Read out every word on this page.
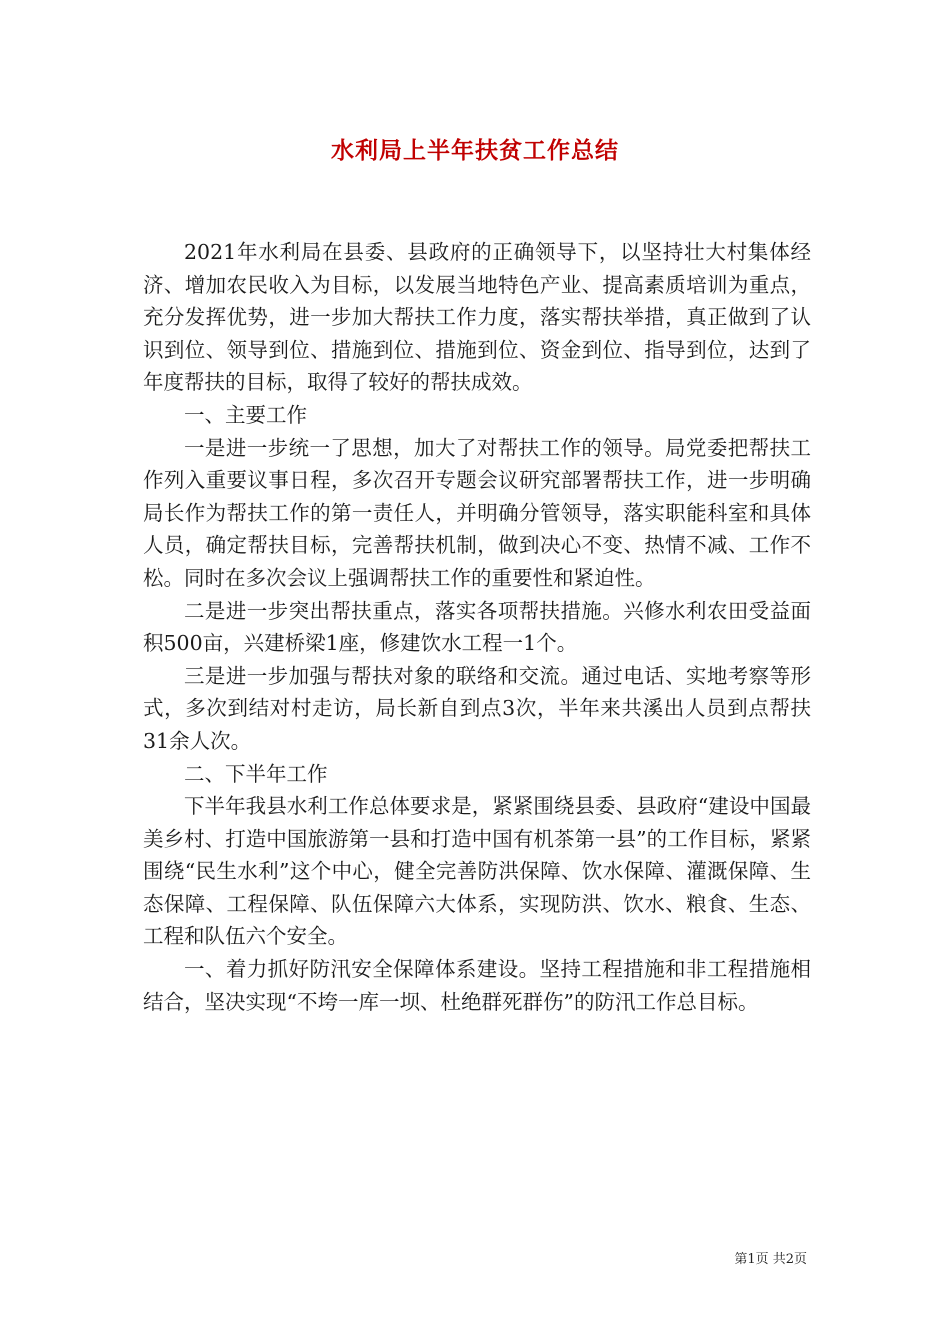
水利局上半年扶贫工作总结

2021年水利局在县委、县政府的正确领导下，以坚持壮大村集体经济、增加农民收入为目标，以发展当地特色产业、提高素质培训为重点，充分发挥优势，进一步加大帮扶工作力度，落实帮扶举措，真正做到了认识到位、领导到位、措施到位、措施到位、资金到位、指导到位，达到了年度帮扶的目标，取得了较好的帮扶成效。

一、主要工作

一是进一步统一了思想，加大了对帮扶工作的领导。局党委把帮扶工作列入重要议事日程，多次召开专题会议研究部署帮扶工作，进一步明确局长作为帮扶工作的第一责任人，并明确分管领导，落实职能科室和具体人员，确定帮扶目标，完善帮扶机制，做到决心不变、热情不减、工作不松。同时在多次会议上强调帮扶工作的重要性和紧迫性。

二是进一步突出帮扶重点，落实各项帮扶措施。兴修水利农田受益面积500亩，兴建桥梁1座，修建饮水工程一1个。

三是进一步加强与帮扶对象的联络和交流。通过电话、实地考察等形式，多次到结对村走访，局长新自到点3次，半年来共溪出人员到点帮扶31余人次。

二、下半年工作

下半年我县水利工作总体要求是，紧紧围绕县委、县政府“建设中国最美乡村、打造中国旅游第一县和打造中国有机茶第一县”的工作目标，紧紧围绕“民生水利”这个中心，健全完善防洪保障、饮水保障、灌溉保障、生态保障、工程保障、队伍保障六大体系，实现防洪、饮水、粮食、生态、工程和队伍六个安全。

一、着力抓好防汛安全保障体系建设。坚持工程措施和非工程措施相结合，坚决实现“不垮一库一坝、杜绝群死群伤”的防汛工作总目标。

第1页 共2页
